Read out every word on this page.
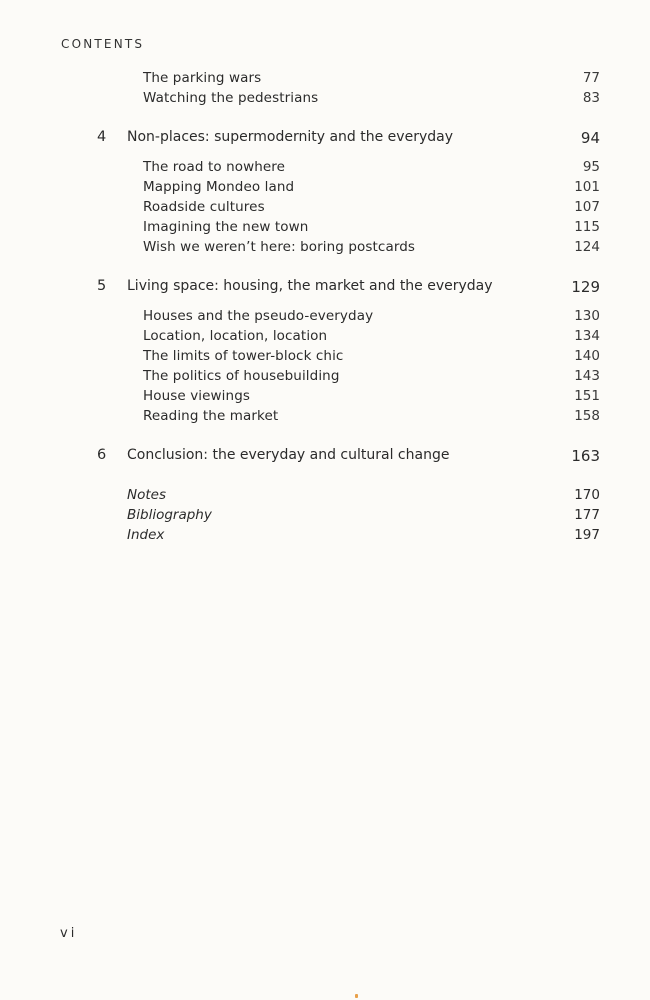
CONTENTS
The parking wars	77
Watching the pedestrians	83
4 Non-places: supermodernity and the everyday	94
The road to nowhere	95
Mapping Mondeo land	101
Roadside cultures	107
Imagining the new town	115
Wish we weren’t here: boring postcards	124
5 Living space: housing, the market and the everyday	129
Houses and the pseudo-everyday	130
Location, location, location	134
The limits of tower-block chic	140
The politics of housebuilding	143
House viewings	151
Reading the market	158
6 Conclusion: the everyday and cultural change	163
Notes	170
Bibliography	177
Index	197
vi
